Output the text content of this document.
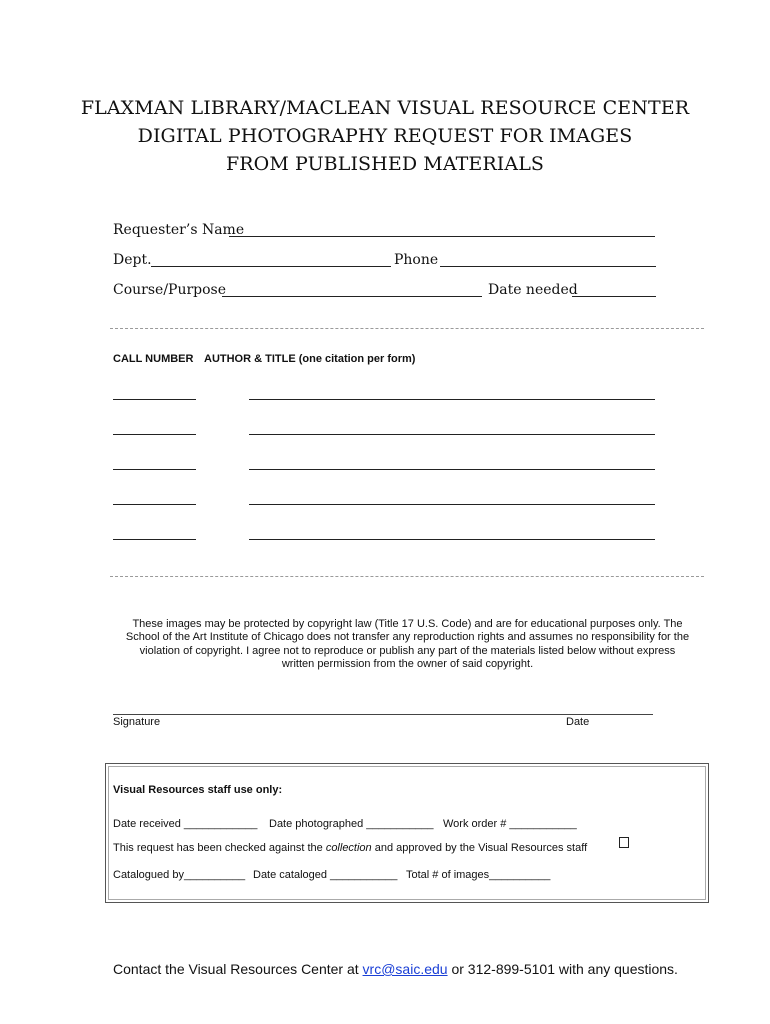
FLAXMAN LIBRARY/MACLEAN VISUAL RESOURCE CENTER
DIGITAL PHOTOGRAPHY REQUEST FOR IMAGES
FROM PUBLISHED MATERIALS
Requester’s Name
Dept.	Phone
Course/Purpose	Date needed
CALL NUMBER AUTHOR & TITLE (one citation per form)
These images may be protected by copyright law (Title 17 U.S. Code) and are for educational purposes only. The
School of the Art Institute of Chicago does not transfer any reproduction rights and assumes no responsibility for the
violation of copyright. I agree not to reproduce or publish any part of the materials listed below without express
written permission from the owner of said copyright.
Signature	Date
Visual Resources staff use only:
Date received ____________ Date photographed ___________ Work order # ___________
This request has been checked against the collection and approved by the Visual Resources staff
Catalogued by__________ Date cataloged ___________ Total # of images__________
Contact the Visual Resources Center at vrc@saic.edu or 312-899-5101 with any questions.
